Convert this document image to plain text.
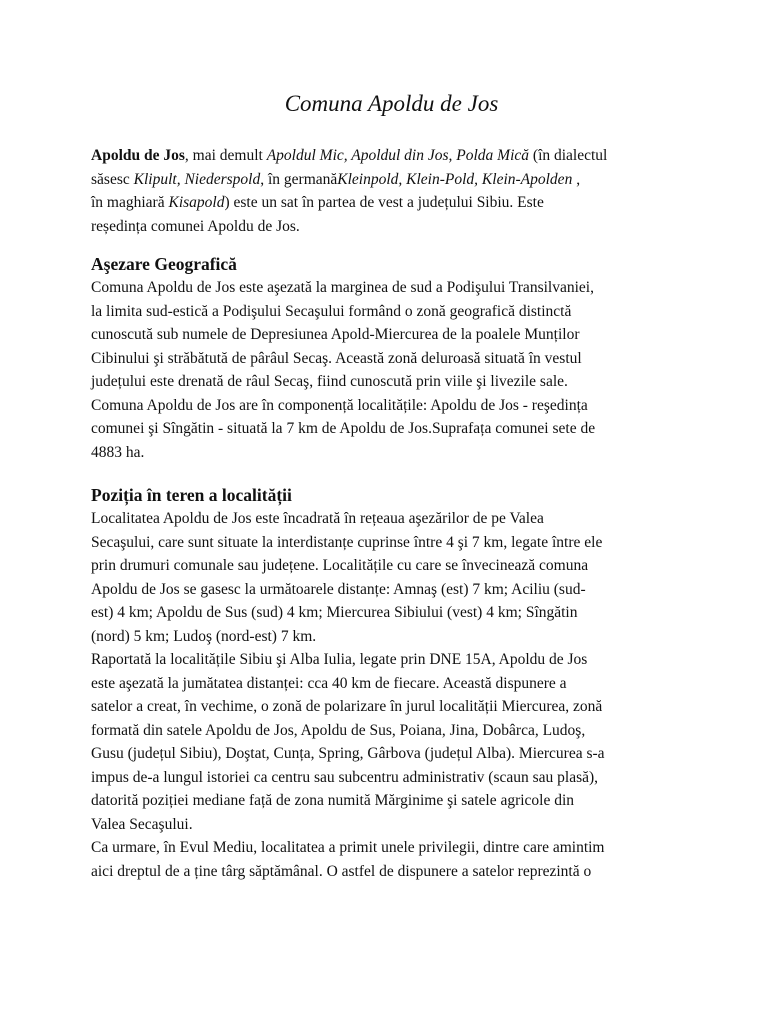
Comuna Apoldu de Jos
Apoldu de Jos, mai demult Apoldul Mic, Apoldul din Jos, Polda Mică (în dialectul
săsesc Klipult, Niederspold, în germanăKleinpold, Klein-Pold, Klein-Apolden ,
în maghiară Kisapold) este un sat în partea de vest a județului Sibiu. Este
reședința comunei Apoldu de Jos.
Aşezare Geografică
Comuna Apoldu de Jos este aşezată la marginea de sud a Podişului Transilvaniei,
la limita sud-estică a Podişului Secaşului formând o zonă geografică distinctă
cunoscută sub numele de Depresiunea Apold-Miercurea de la poalele Munților
Cibinului şi străbătută de pârâul Secaş. Această zonă deluroasă situată în vestul
județului este drenată de râul Secaş, fiind cunoscută prin viile şi livezile sale.
Comuna Apoldu de Jos are în componență localitățile: Apoldu de Jos - reşedința
comunei şi Sîngătin - situată la 7 km de Apoldu de Jos.Suprafața comunei sete de
4883 ha.
Poziția în teren a localității
Localitatea Apoldu de Jos este încadrată în rețeaua aşezărilor de pe Valea
Secaşului, care sunt situate la interdistanțe cuprinse între 4 şi 7 km, legate între ele
prin drumuri comunale sau județene. Localitățile cu care se învecinează comuna
Apoldu de Jos se gasesc la următoarele distanțe: Amnaş (est) 7 km; Aciliu (sud-
est) 4 km; Apoldu de Sus (sud) 4 km; Miercurea Sibiului (vest) 4 km; Sîngătin
(nord) 5 km; Ludoş (nord-est) 7 km.
Raportată la localitățile Sibiu şi Alba Iulia, legate prin DNE 15A, Apoldu de Jos
este aşezată la jumătatea distanței: cca 40 km de fiecare. Această dispunere a
satelor a creat, în vechime, o zonă de polarizare în jurul localității Miercurea, zonă
formată din satele Apoldu de Jos, Apoldu de Sus, Poiana, Jina, Dobârca, Ludoş,
Gusu (județul Sibiu), Doştat, Cunța, Spring, Gârbova (județul Alba). Miercurea s-a
impus de-a lungul istoriei ca centru sau subcentru administrativ (scaun sau plasă),
datorită poziției mediane față de zona numită Mărginime şi satele agricole din
Valea Secaşului.
Ca urmare, în Evul Mediu, localitatea a primit unele privilegii, dintre care amintim
aici dreptul de a ține târg săptămânal. O astfel de dispunere a satelor reprezintă o
